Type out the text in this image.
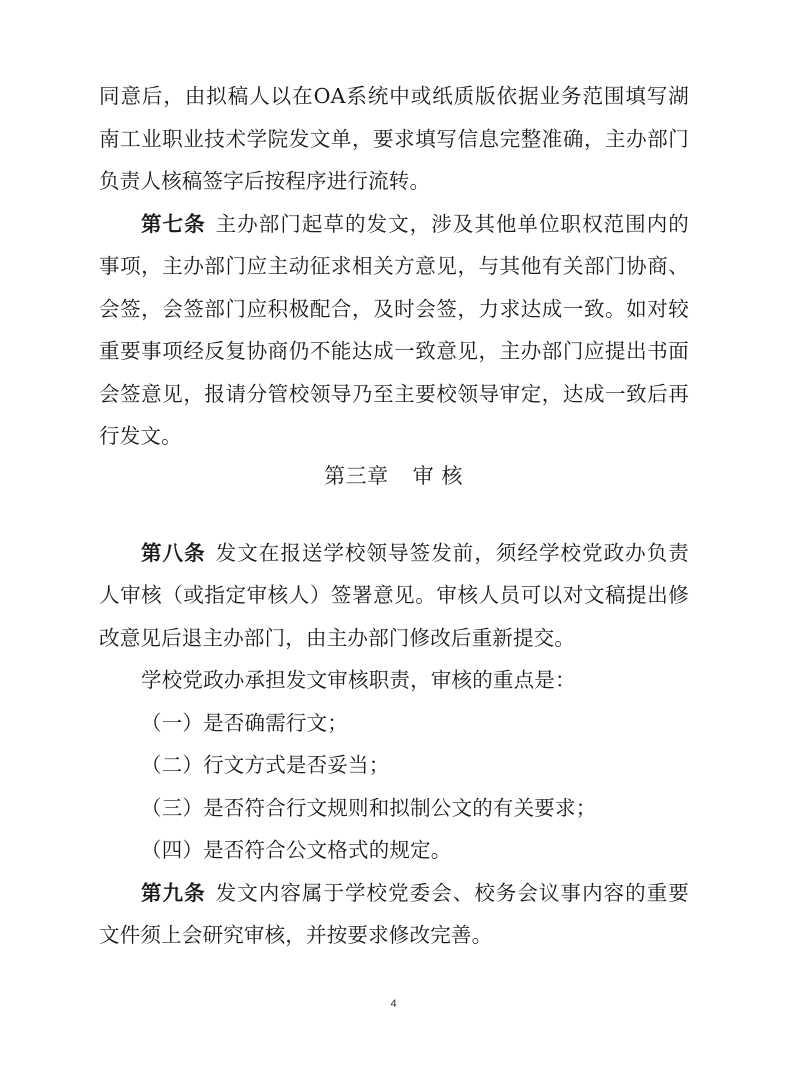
同意后，由拟稿人以在OA系统中或纸质版依据业务范围填写湖
南工业职业技术学院发文单，要求填写信息完整准确，主办部门
负责人核稿签字后按程序进行流转。
第七条 主办部门起草的发文，涉及其他单位职权范围内的
事项，主办部门应主动征求相关方意见，与其他有关部门协商、
会签，会签部门应积极配合，及时会签，力求达成一致。如对较
重要事项经反复协商仍不能达成一致意见，主办部门应提出书面
会签意见，报请分管校领导乃至主要校领导审定，达成一致后再
行发文。
第三章 审 核
第八条 发文在报送学校领导签发前，须经学校党政办负责
人审核（或指定审核人）签署意见。审核人员可以对文稿提出修
改意见后退主办部门，由主办部门修改后重新提交。
学校党政办承担发文审核职责，审核的重点是：
（一）是否确需行文；
（二）行文方式是否妥当；
（三）是否符合行文规则和拟制公文的有关要求；
（四）是否符合公文格式的规定。
第九条 发文内容属于学校党委会、校务会议事内容的重要
文件须上会研究审核，并按要求修改完善。
4
